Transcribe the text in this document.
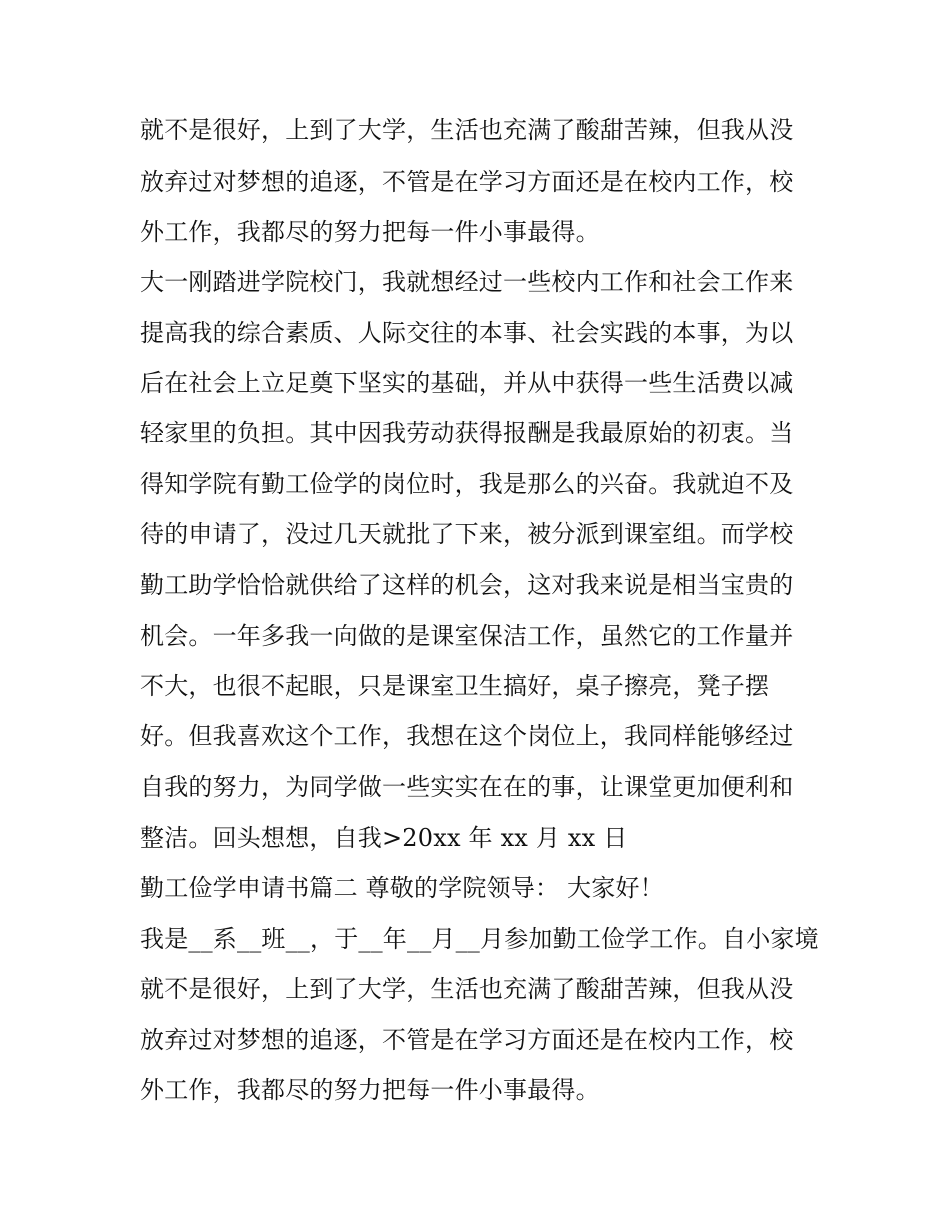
就不是很好，上到了大学，生活也充满了酸甜苦辣，但我从没
放弃过对梦想的追逐，不管是在学习方面还是在校内工作，校
外工作，我都尽的努力把每一件小事最得。
大一刚踏进学院校门，我就想经过一些校内工作和社会工作来
提高我的综合素质、人际交往的本事、社会实践的本事，为以
后在社会上立足奠下坚实的基础，并从中获得一些生活费以减
轻家里的负担。其中因我劳动获得报酬是我最原始的初衷。当
得知学院有勤工俭学的岗位时，我是那么的兴奋。我就迫不及
待的申请了，没过几天就批了下来，被分派到课室组。而学校
勤工助学恰恰就供给了这样的机会，这对我来说是相当宝贵的
机会。一年多我一向做的是课室保洁工作，虽然它的工作量并
不大，也很不起眼，只是课室卫生搞好，桌子擦亮，凳子摆
好。但我喜欢这个工作，我想在这个岗位上，我同样能够经过
自我的努力，为同学做一些实实在在的事，让课堂更加便利和
整洁。回头想想，自我>20xx 年 xx 月 xx 日
勤工俭学申请书篇二 尊敬的学院领导： 大家好！
我是__系__班__，于__年__月__月参加勤工俭学工作。自小家境
就不是很好，上到了大学，生活也充满了酸甜苦辣，但我从没
放弃过对梦想的追逐，不管是在学习方面还是在校内工作，校
外工作，我都尽的努力把每一件小事最得。
